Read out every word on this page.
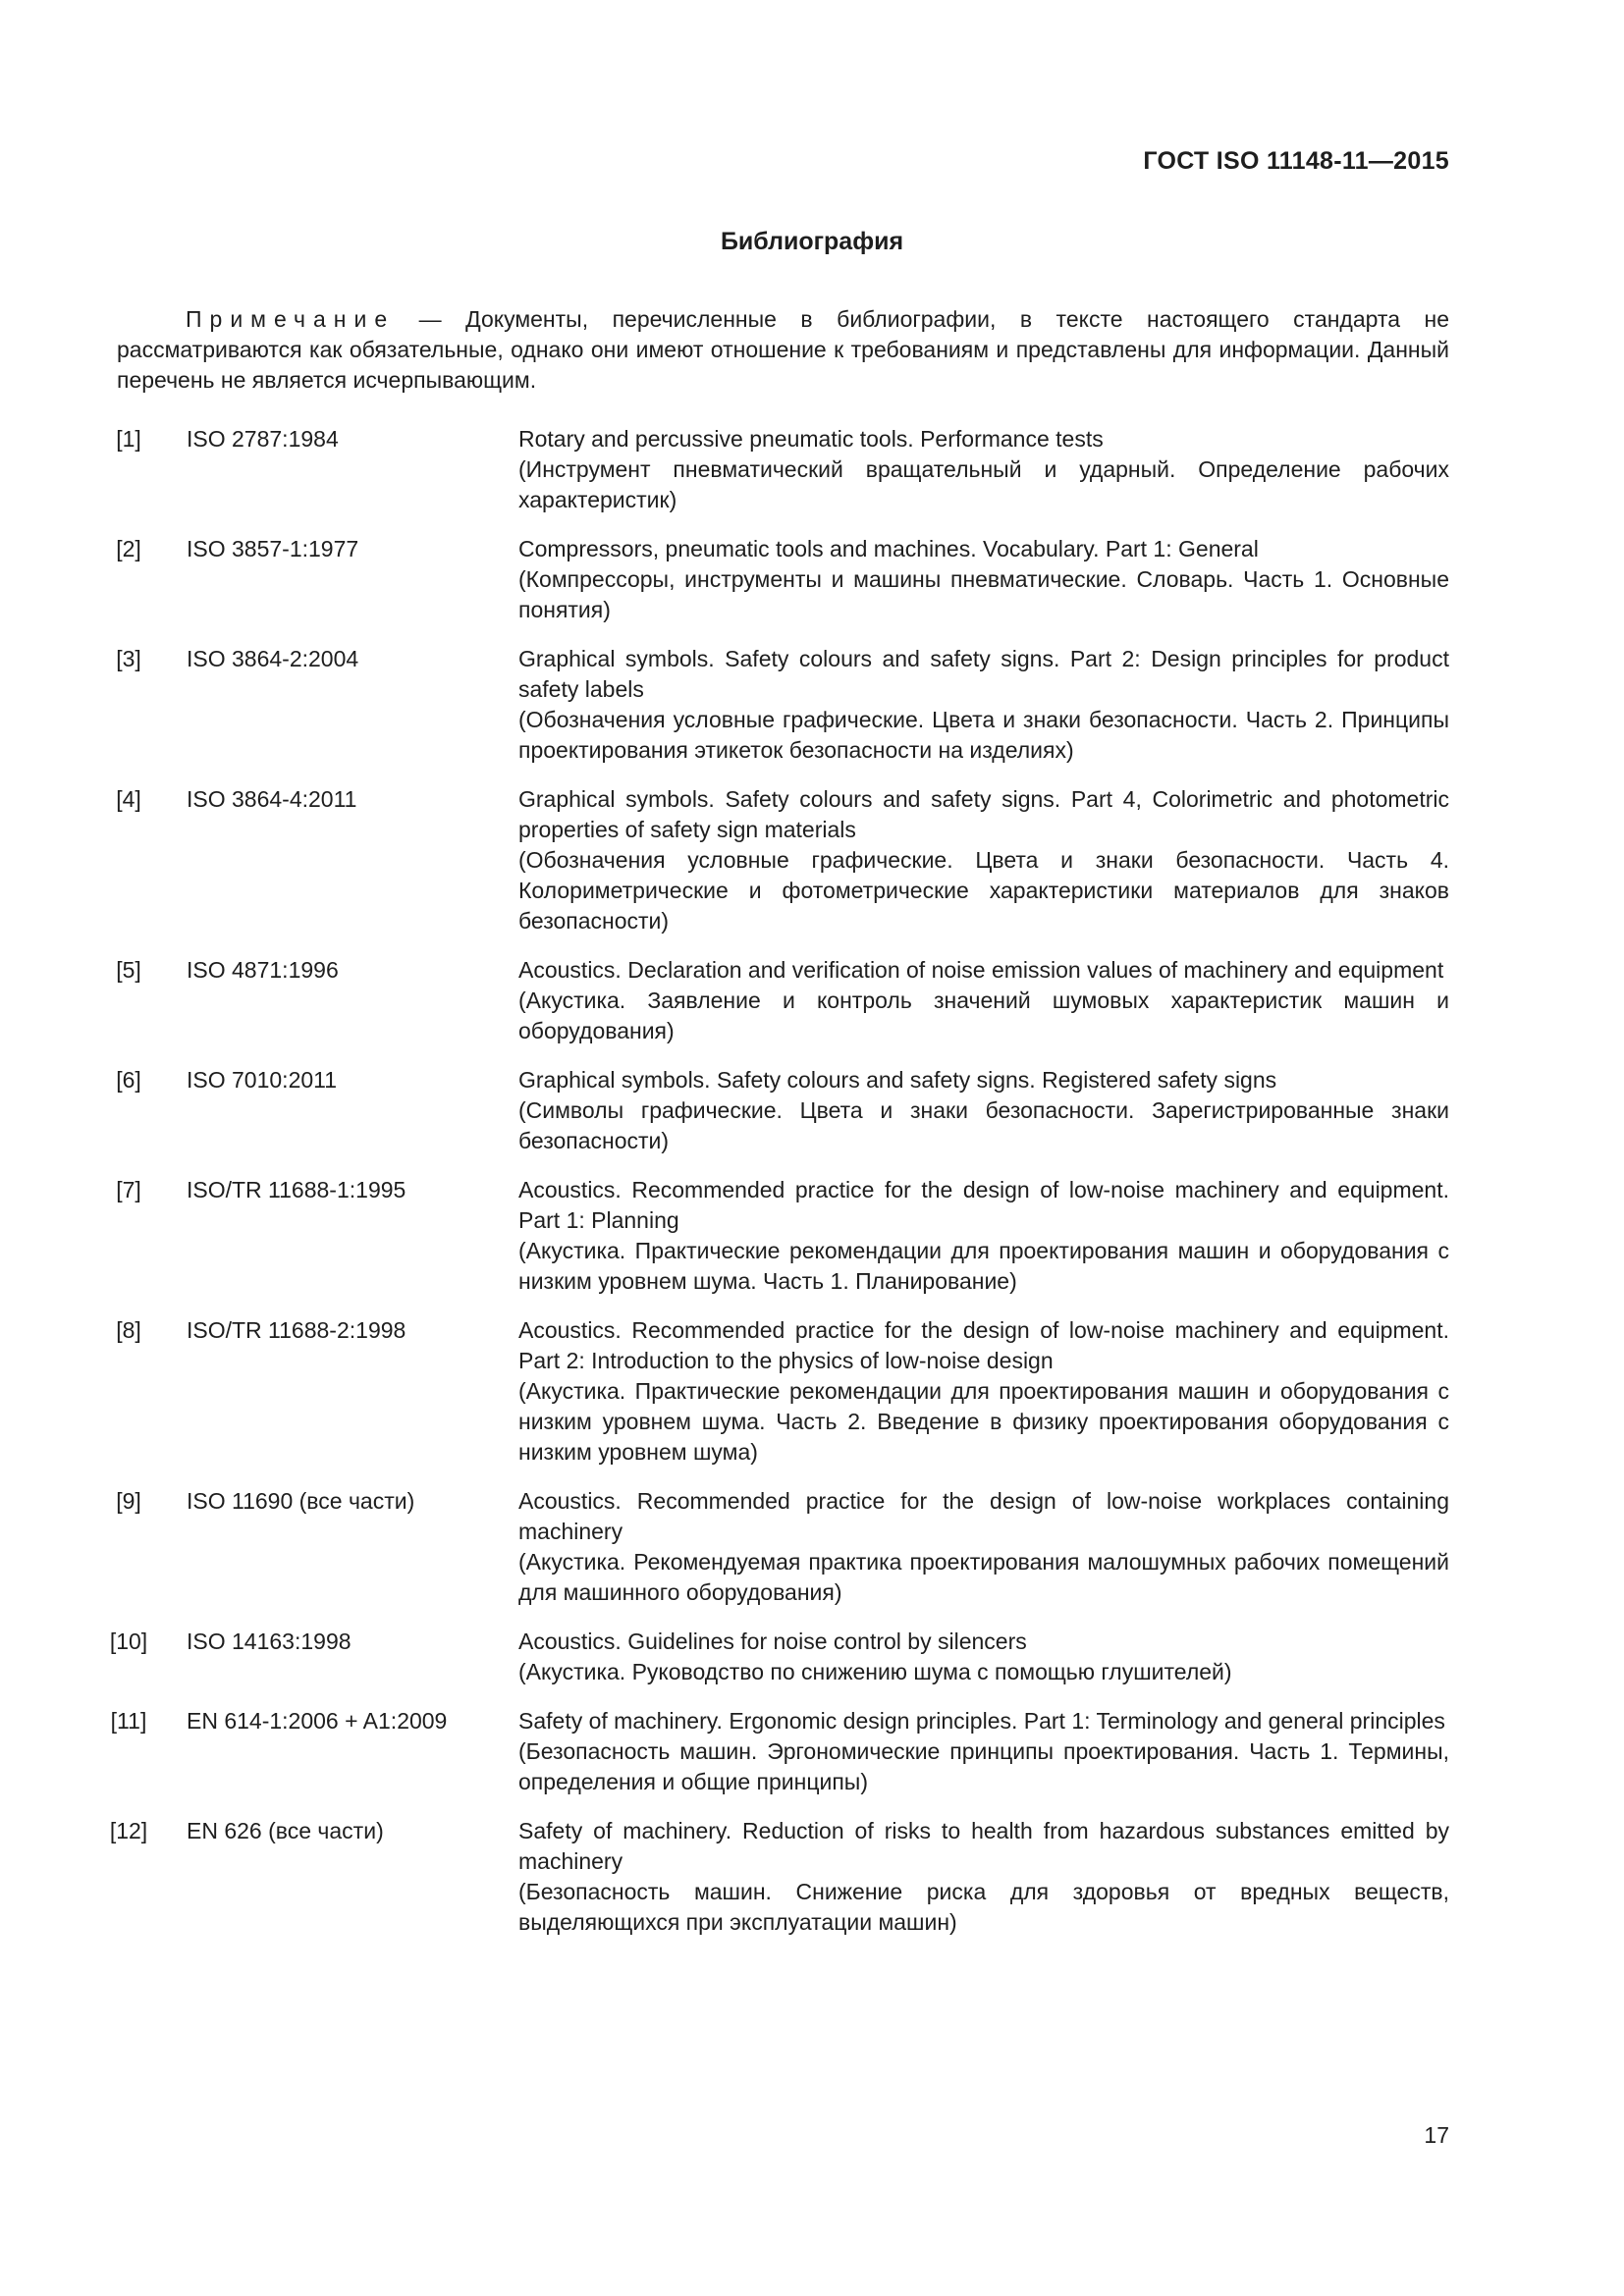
ГОСТ ISO 11148-11—2015
Библиография
Примечание — Документы, перечисленные в библиографии, в тексте настоящего стандарта не рассматриваются как обязательные, однако они имеют отношение к требованиям и представлены для информации. Данный перечень не является исчерпывающим.
[1]	ISO 2787:1984	Rotary and percussive pneumatic tools. Performance tests
(Инструмент пневматический вращательный и ударный. Определение рабочих характеристик)
[2]	ISO 3857-1:1977	Compressors, pneumatic tools and machines. Vocabulary. Part 1: General
(Компрессоры, инструменты и машины пневматические. Словарь. Часть 1. Основные понятия)
[3]	ISO 3864-2:2004	Graphical symbols. Safety colours and safety signs. Part 2: Design principles for product safety labels
(Обозначения условные графические. Цвета и знаки безопасности. Часть 2. Принципы проектирования этикеток безопасности на изделиях)
[4]	ISO 3864-4:2011	Graphical symbols. Safety colours and safety signs. Part 4, Colorimetric and photometric properties of safety sign materials
(Обозначения условные графические. Цвета и знаки безопасности. Часть 4. Колориметрические и фотометрические характеристики материалов для знаков безопасности)
[5]	ISO 4871:1996	Acoustics. Declaration and verification of noise emission values of machinery and equipment
(Акустика. Заявление и контроль значений шумовых характеристик машин и оборудования)
[6]	ISO 7010:2011	Graphical symbols. Safety colours and safety signs. Registered safety signs
(Символы графические. Цвета и знаки безопасности. Зарегистрированные знаки безопасности)
[7]	ISO/TR 11688-1:1995	Acoustics. Recommended practice for the design of low-noise machinery and equipment. Part 1: Planning
(Акустика. Практические рекомендации для проектирования машин и оборудования с низким уровнем шума. Часть 1. Планирование)
[8]	ISO/TR 11688-2:1998	Acoustics. Recommended practice for the design of low-noise machinery and equipment. Part 2: Introduction to the physics of low-noise design
(Акустика. Практические рекомендации для проектирования машин и оборудования с низким уровнем шума. Часть 2. Введение в физику проектирования оборудования с низким уровнем шума)
[9]	ISO 11690 (все части)	Acoustics. Recommended practice for the design of low-noise workplaces containing machinery
(Акустика. Рекомендуемая практика проектирования малошумных рабочих помещений для машинного оборудования)
[10]	ISO 14163:1998	Acoustics. Guidelines for noise control by silencers
(Акустика. Руководство по снижению шума с помощью глушителей)
[11]	EN 614-1:2006 + A1:2009	Safety of machinery. Ergonomic design principles. Part 1: Terminology and general principles
(Безопасность машин. Эргономические принципы проектирования. Часть 1. Термины, определения и общие принципы)
[12]	EN 626 (все части)	Safety of machinery. Reduction of risks to health from hazardous substances emitted by machinery
(Безопасность машин. Снижение риска для здоровья от вредных веществ, выделяющихся при эксплуатации машин)
17
